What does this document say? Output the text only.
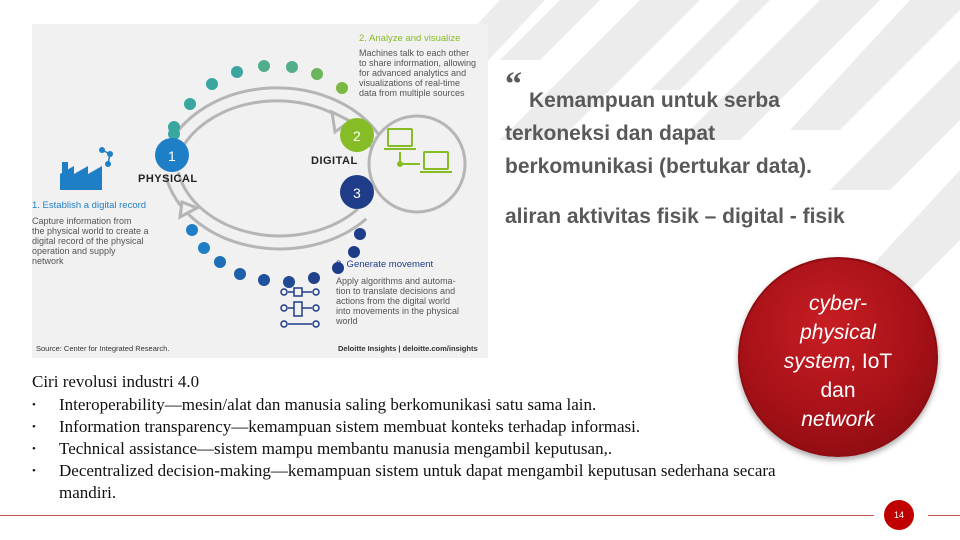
1
2
3
PHYSICAL
DIGITAL
2. Analyze and visualize
Machines talk to each other
to share information, allowing
for advanced analytics and
visualizations of real-time
data from multiple sources
1. Establish a digital record
Capture information from
the physical world to create a
digital record of the physical
operation and supply
network	3. Generate movement
Apply algorithms and automa-
tion to translate decisions and
actions from the digital world
into movements in the physical
world
Source: Center for Integrated Research.	Deloitte Insights | deloitte.com/insights
“ Kemampuan untuk serba
terkoneksi dan dapat
berkomunikasi (bertukar data).
aliran aktivitas fisik – digital - fisik
cyber-
physical
system, IoT
dan
network
Ciri revolusi industri 4.0
• Interoperability—mesin/alat dan manusia saling berkomunikasi satu sama lain.
• Information transparency—kemampuan sistem membuat konteks terhadap informasi.
• Technical assistance—sistem mampu membantu manusia mengambil keputusan,.
• Decentralized decision-making—kemampuan sistem untuk dapat mengambil keputusan sederhana secara mandiri.
14
